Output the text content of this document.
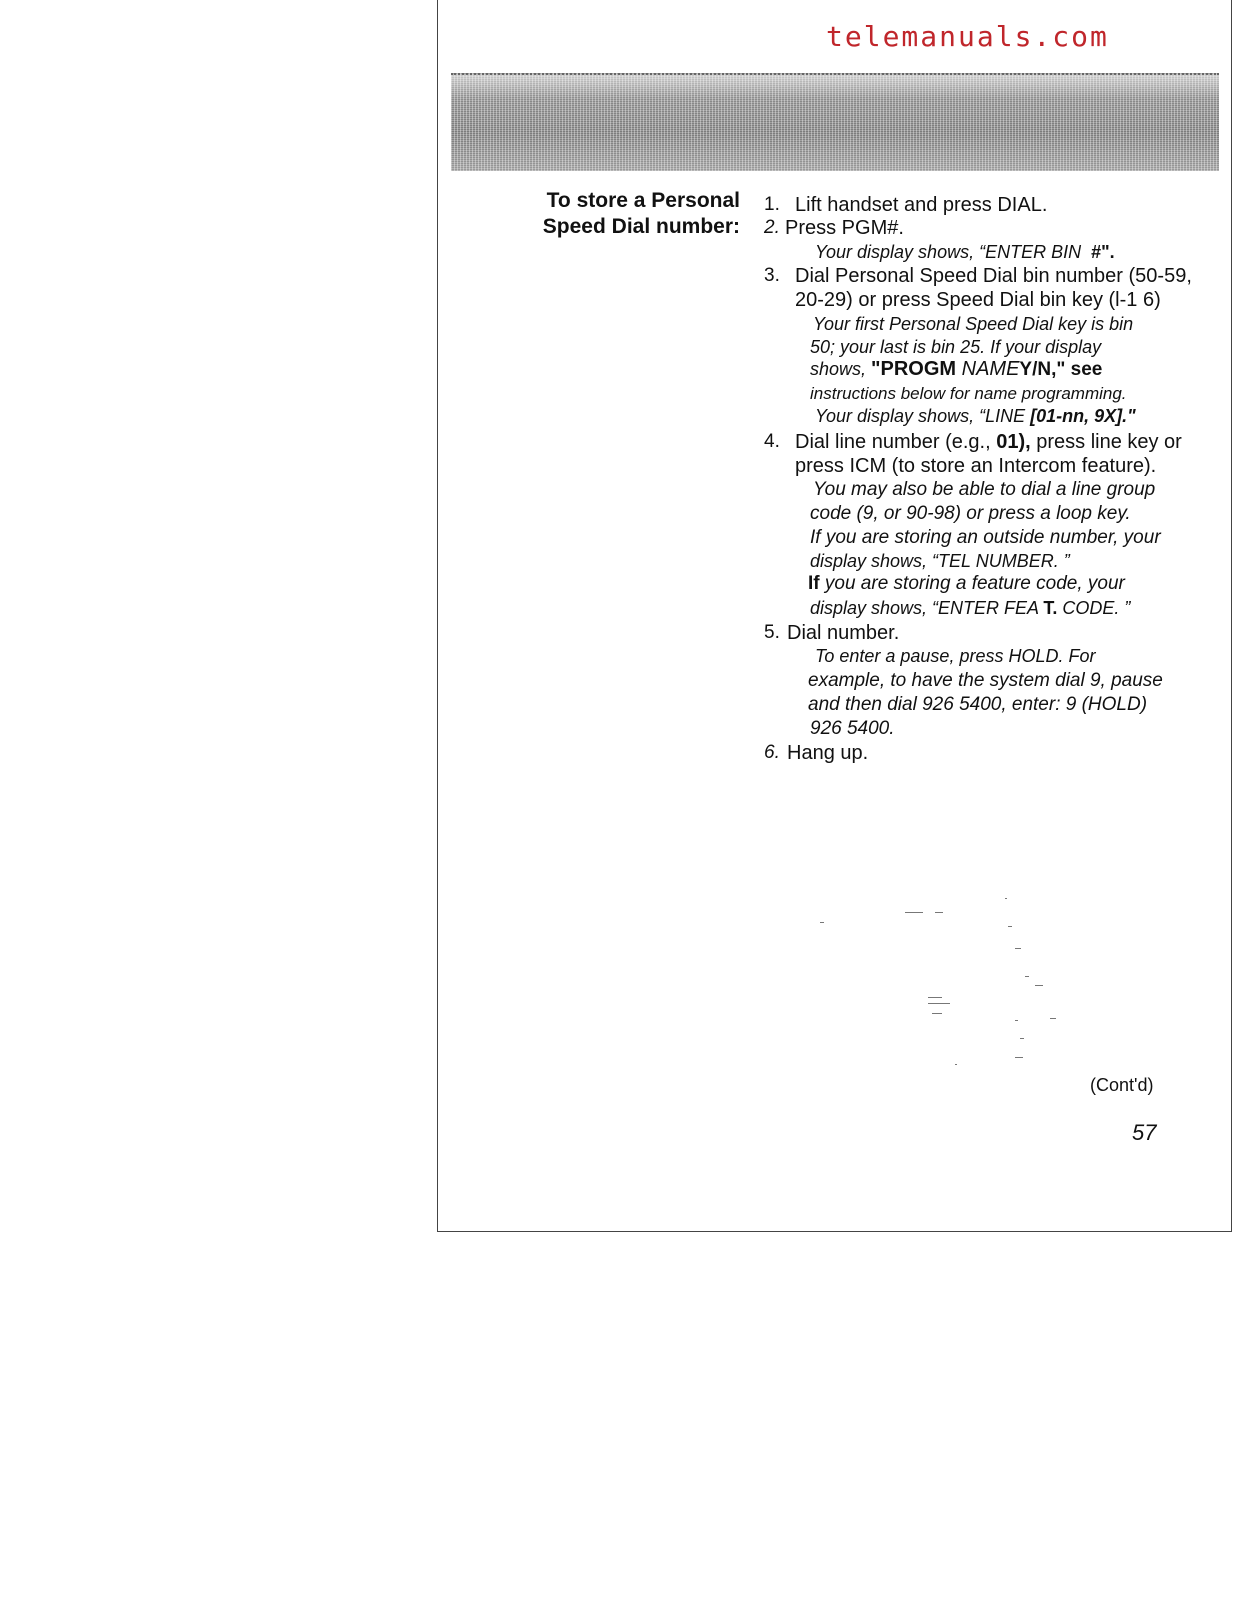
telemanuals.com
To store a Personal
Speed Dial number:
1. Lift handset and press DIAL.
2. Press PGM#.
Your display shows, “ENTER BIN #".
3. Dial Personal Speed Dial bin number (50-59,
20-29) or press Speed Dial bin key (l-1 6)
Your first Personal Speed Dial key is bin
50; your last is bin 25. If your display
shows, "PROGM NAMEY/N," see
instructions below for name programming.
Your display shows, “LINE [01-nn, 9X]."
4. Dial line number (e.g., 01), press line key or
press ICM (to store an Intercom feature).
You may also be able to dial a line group
code (9, or 90-98) or press a loop key.
If you are storing an outside number, your
display shows, “TEL NUMBER. ”
If you are storing a feature code, your
display shows, “ENTER FEA T. CODE. ”
5. Dial number.
To enter a pause, press HOLD. For
example, to have the system dial 9, pause
and then dial 926 5400, enter: 9 (HOLD)
926 5400.
6. Hang up.
(Cont'd)
57
